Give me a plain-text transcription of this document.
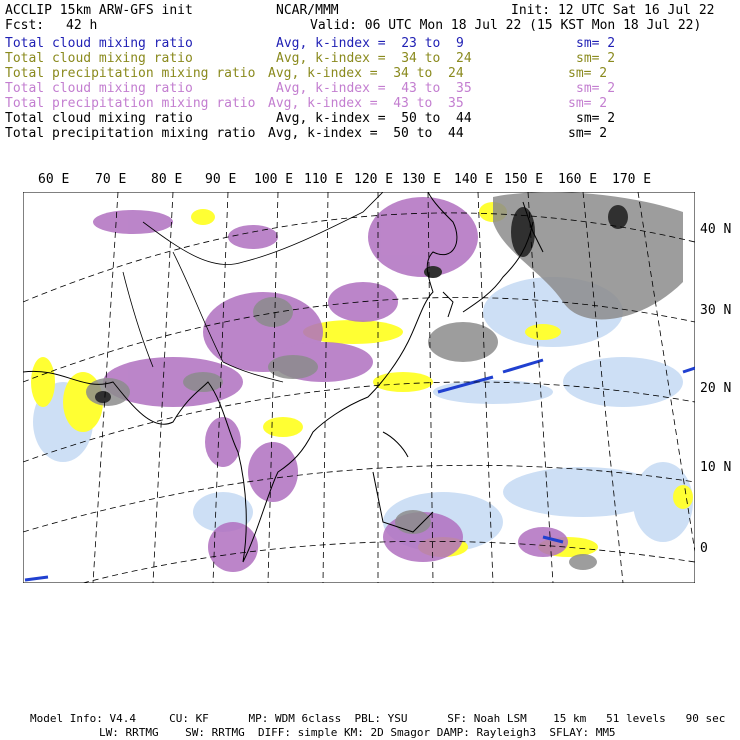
ACCLIP 15km ARW-GFS init	NCAR/MMM	Init: 12 UTC Sat 16 Jul 22
Fcst: 42 h	Valid: 06 UTC Mon 18 Jul 22 (15 KST Mon 18 Jul 22)
Total cloud mixing ratio	Avg, k-index =  23 to  9	sm= 2
Total cloud mixing ratio	Avg, k-index =  34 to  24	sm= 2
Total precipitation mixing ratio Avg, k-index =  34 to  24	sm= 2
Total cloud mixing ratio	Avg, k-index =  43 to  35	sm= 2
Total precipitation mixing ratio Avg, k-index =  43 to  35	sm= 2
Total cloud mixing ratio	Avg, k-index =  50 to  44	sm= 2
Total precipitation mixing ratio Avg, k-index =  50 to  44	sm= 2
60 E 70 E 80 E 90 E 100 E 110 E 120 E 130 E 140 E 150 E 160 E 170 E
40 N
30 N
20 N
10 N
0
Model Info: V4.4     CU: KF      MP: WDM 6class  PBL: YSU      SF: Noah LSM    15 km   51 levels   90 sec
LW: RRTMG    SW: RRTMG  DIFF: simple KM: 2D Smagor DAMP: Rayleigh3  SFLAY: MM5
